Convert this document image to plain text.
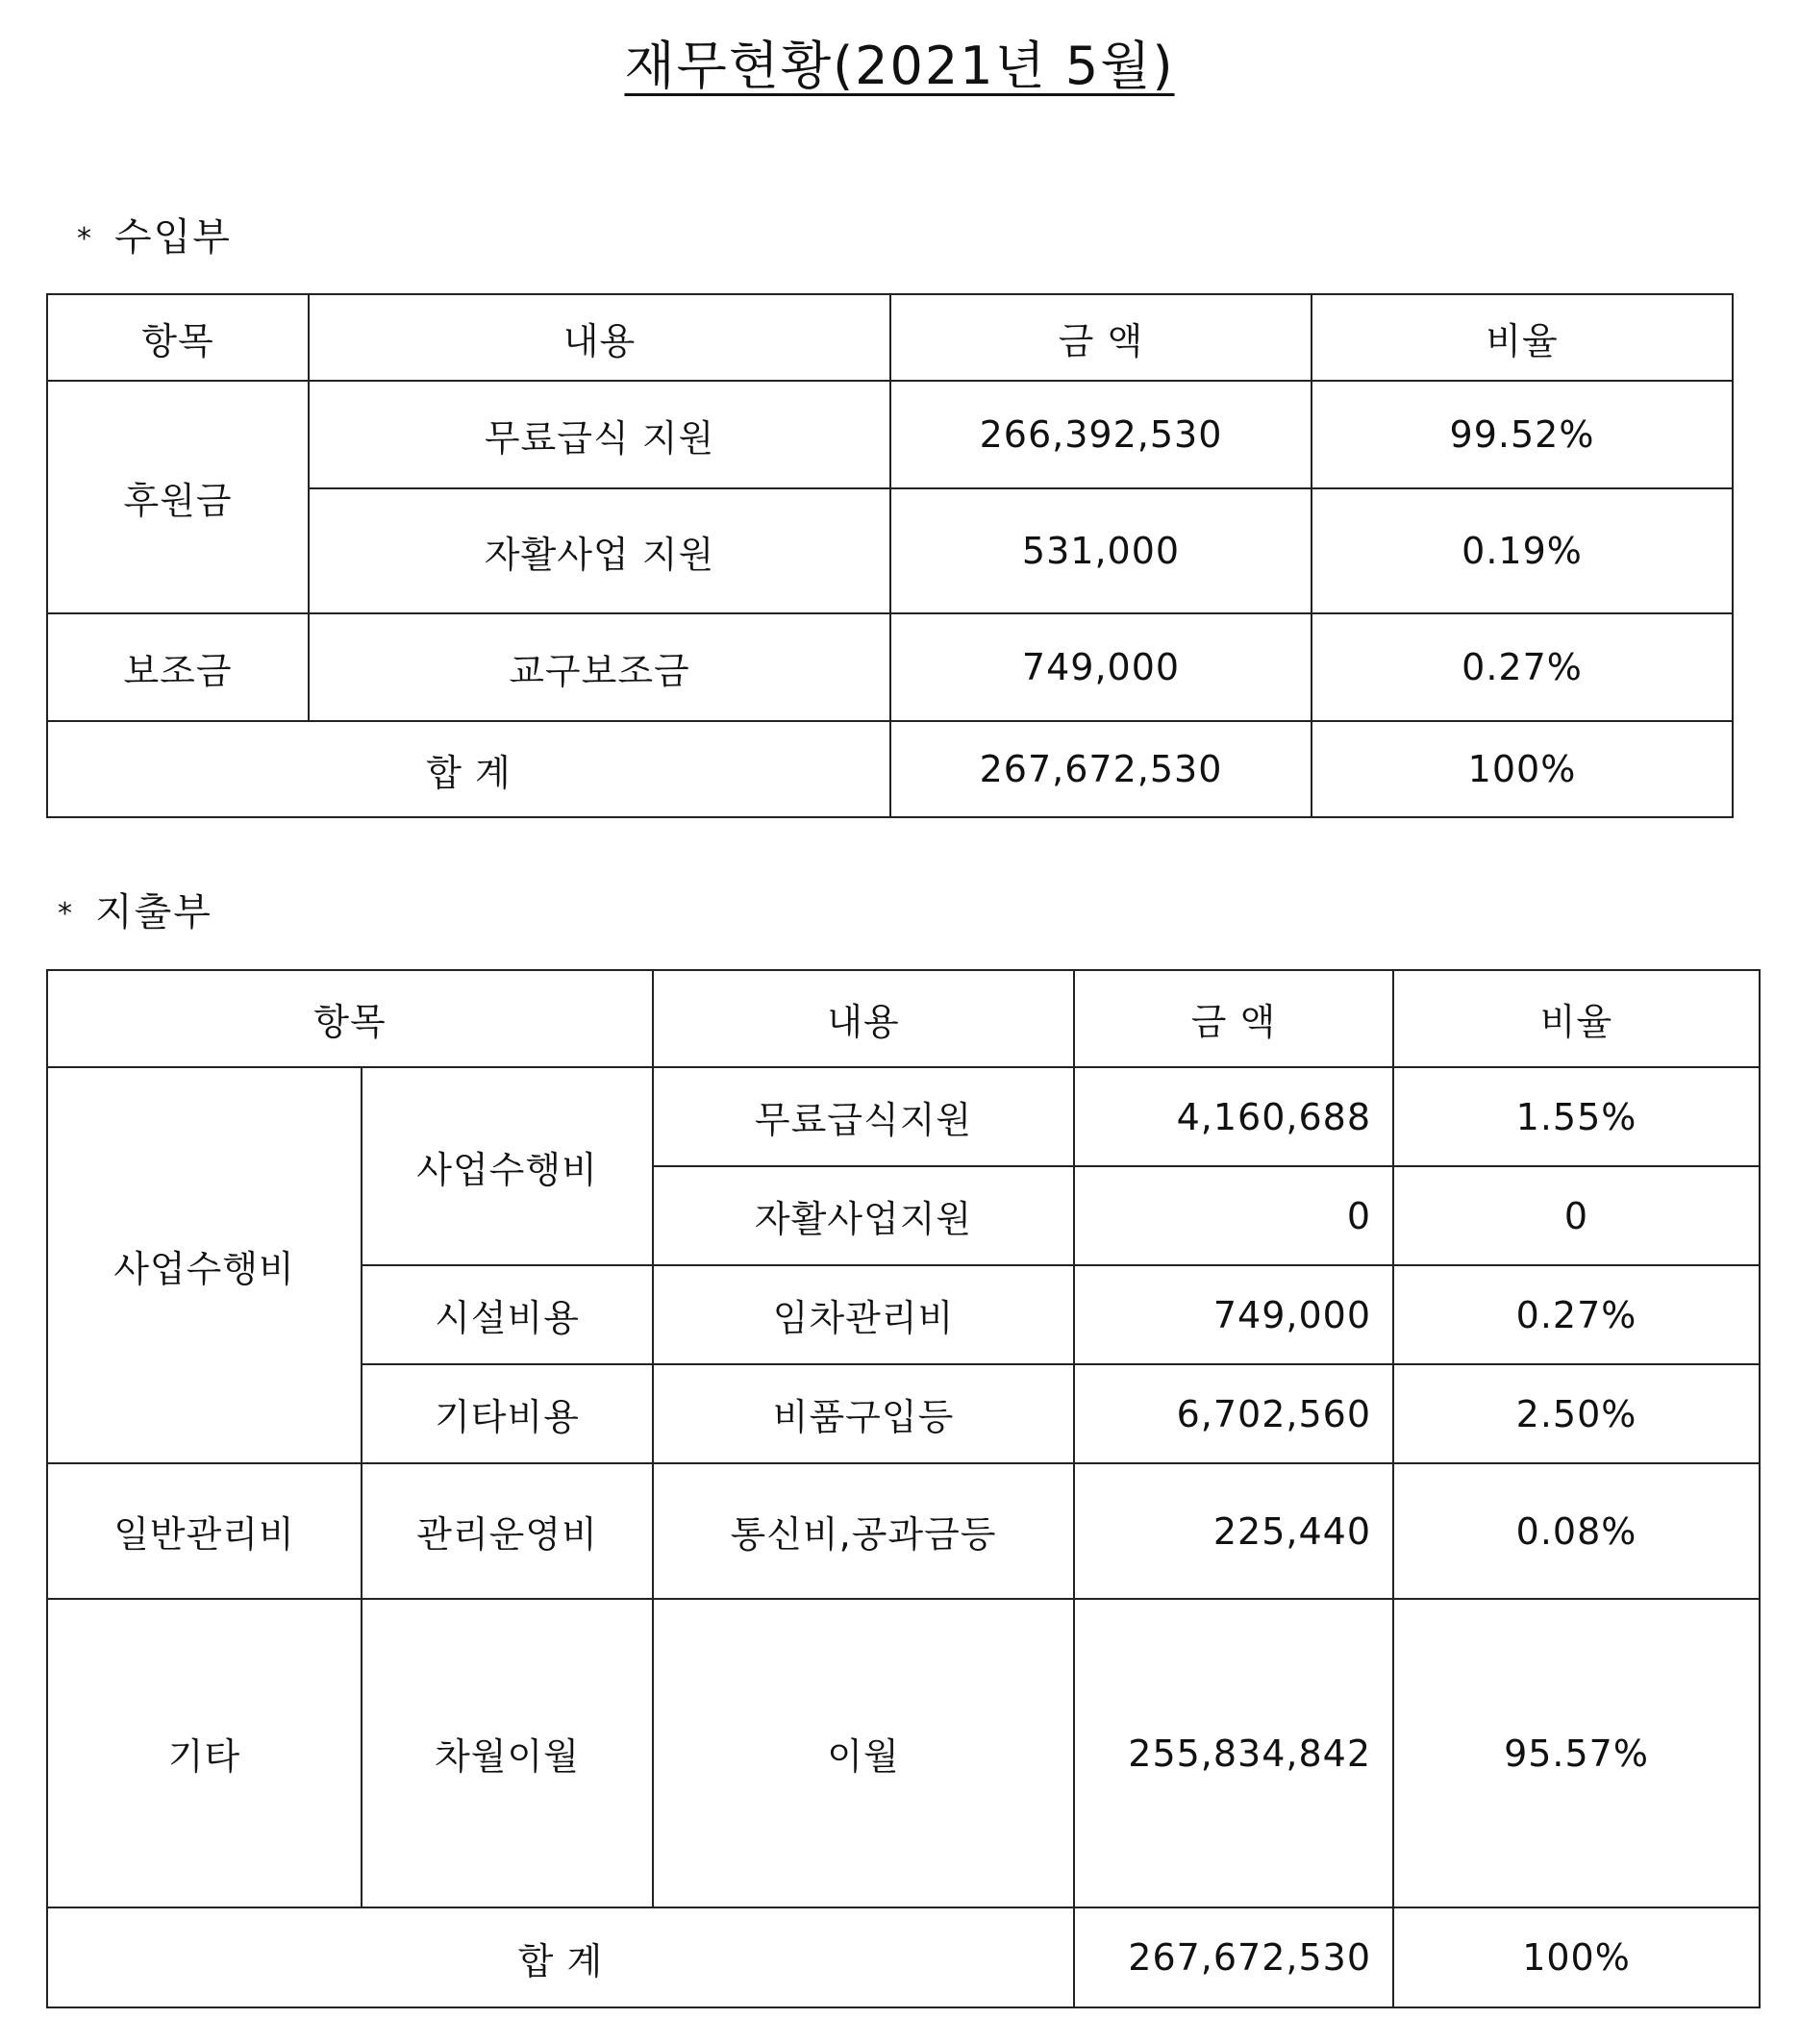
재무현황(2021년 5월)
* 수입부
항목	내용	금 액	비율
후원금	무료급식 지원	266,392,530	99.52%
	자활사업 지원	531,000	0.19%
보조금	교구보조금	749,000	0.27%
합 계		267,672,530	100%
* 지출부
항목		내용	금 액	비율
사업수행비	사업수행비	무료급식지원	4,160,688	1.55%
		자활사업지원	0	0
	시설비용	임차관리비	749,000	0.27%
	기타비용	비품구입등	6,702,560	2.50%
일반관리비	관리운영비	통신비,공과금등	225,440	0.08%
기타	차월이월	이월	255,834,842	95.57%
합 계			267,672,530	100%
